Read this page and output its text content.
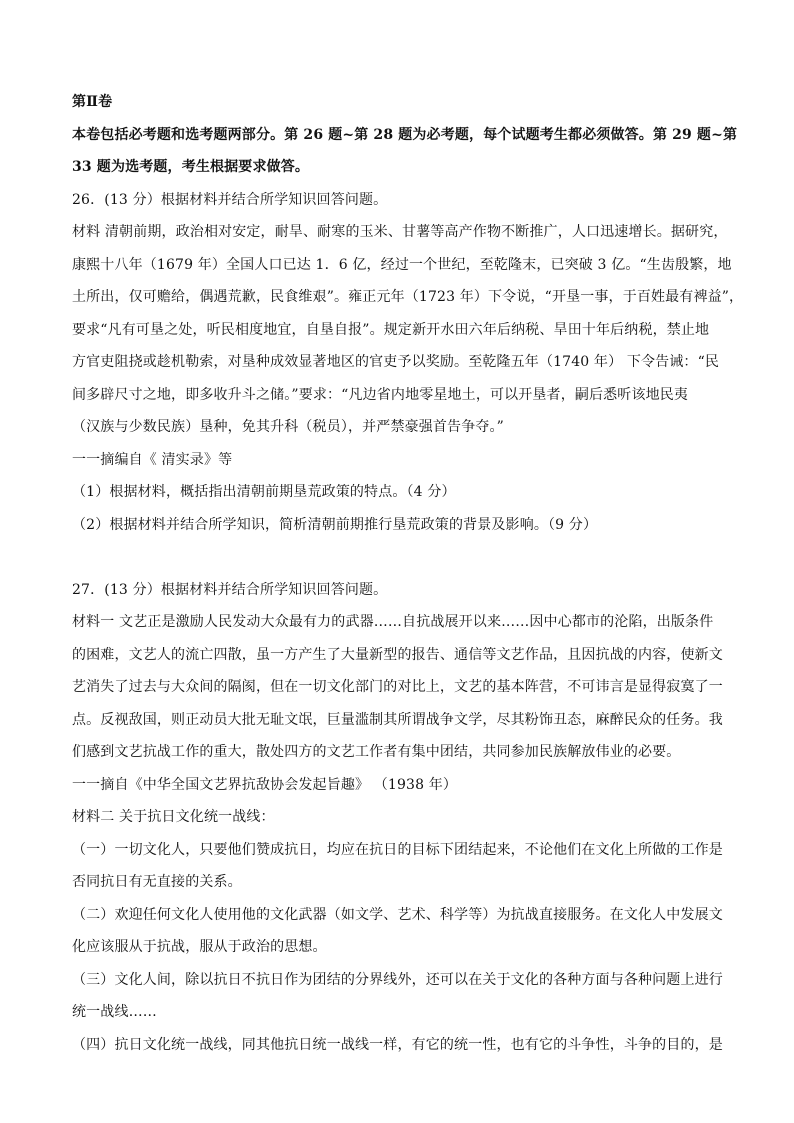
第Ⅱ卷
本卷包括必考题和选考题两部分。第 26 题~第 28 题为必考题，每个试题考生都必须做答。第 29 题~第
33 题为选考题，考生根据要求做答。
26．(13 分）根据材料并结合所学知识回答问题。
材料 清朝前期，政治相对安定，耐旱、耐寒的玉米、甘薯等高产作物不断推广，人口迅速增长。据研究，
康熙十八年（1679 年）全国人口已达 1．6 亿，经过一个世纪，至乾隆末，已突破 3 亿。“生齿殷繁，地
土所出，仅可赡给，偶遇荒歉，民食维艰”。雍正元年（1723 年）下令说，“开垦一事，于百姓最有裨益”，
要求“凡有可垦之处，听民相度地宜，自垦自报”。规定新开水田六年后纳税、旱田十年后纳税，禁止地
方官吏阻挠或趁机勒索，对垦种成效显著地区的官吏予以奖励。至乾隆五年（1740 年） 下令告诫：“民
间多辟尺寸之地，即多收升斗之储。”要求：“凡边省内地零星地土，可以开垦者，嗣后悉听该地民夷
（汉族与少数民族）垦种，免其升科（税员），并严禁豪强首告争夺。”
一一摘编自《 清实录》等
（1）根据材料，概括指出清朝前期垦荒政策的特点。（4 分）
（2）根据材料并结合所学知识，简析清朝前期推行垦荒政策的背景及影响。（9 分）
27．(13 分）根据材料并结合所学知识回答问题。
材料一 文艺正是激励人民发动大众最有力的武器……自抗战展开以来……因中心都市的沦陷，出版条件
的困难，文艺人的流亡四散，虽一方产生了大量新型的报告、通信等文艺作品，且因抗战的内容，使新文
艺消失了过去与大众间的隔阂，但在一切文化部门的对比上，文艺的基本阵营，不可讳言是显得寂寞了一
点。反视敌国，则正动员大批无耻文氓，巨量滥制其所谓战争文学，尽其粉饰丑态，麻醉民众的任务。我
们感到文艺抗战工作的重大，散处四方的文艺工作者有集中团结，共同参加民族解放伟业的必要。
一一摘自《中华全国文艺界抗敌协会发起旨趣》 （1938 年）
材料二 关于抗日文化统一战线：
（一）一切文化人，只要他们赞成抗日，均应在抗日的目标下团结起来，不论他们在文化上所做的工作是
否同抗日有无直接的关系。
（二）欢迎任何文化人使用他的文化武器（如文学、艺术、科学等）为抗战直接服务。在文化人中发展文
化应该服从于抗战，服从于政治的思想。
（三）文化人间，除以抗日不抗日作为团结的分界线外，还可以在关于文化的各种方面与各种问题上进行
统一战线……
（四）抗日文化统一战线，同其他抗日统一战线一样，有它的统一性，也有它的斗争性，斗争的目的，是
